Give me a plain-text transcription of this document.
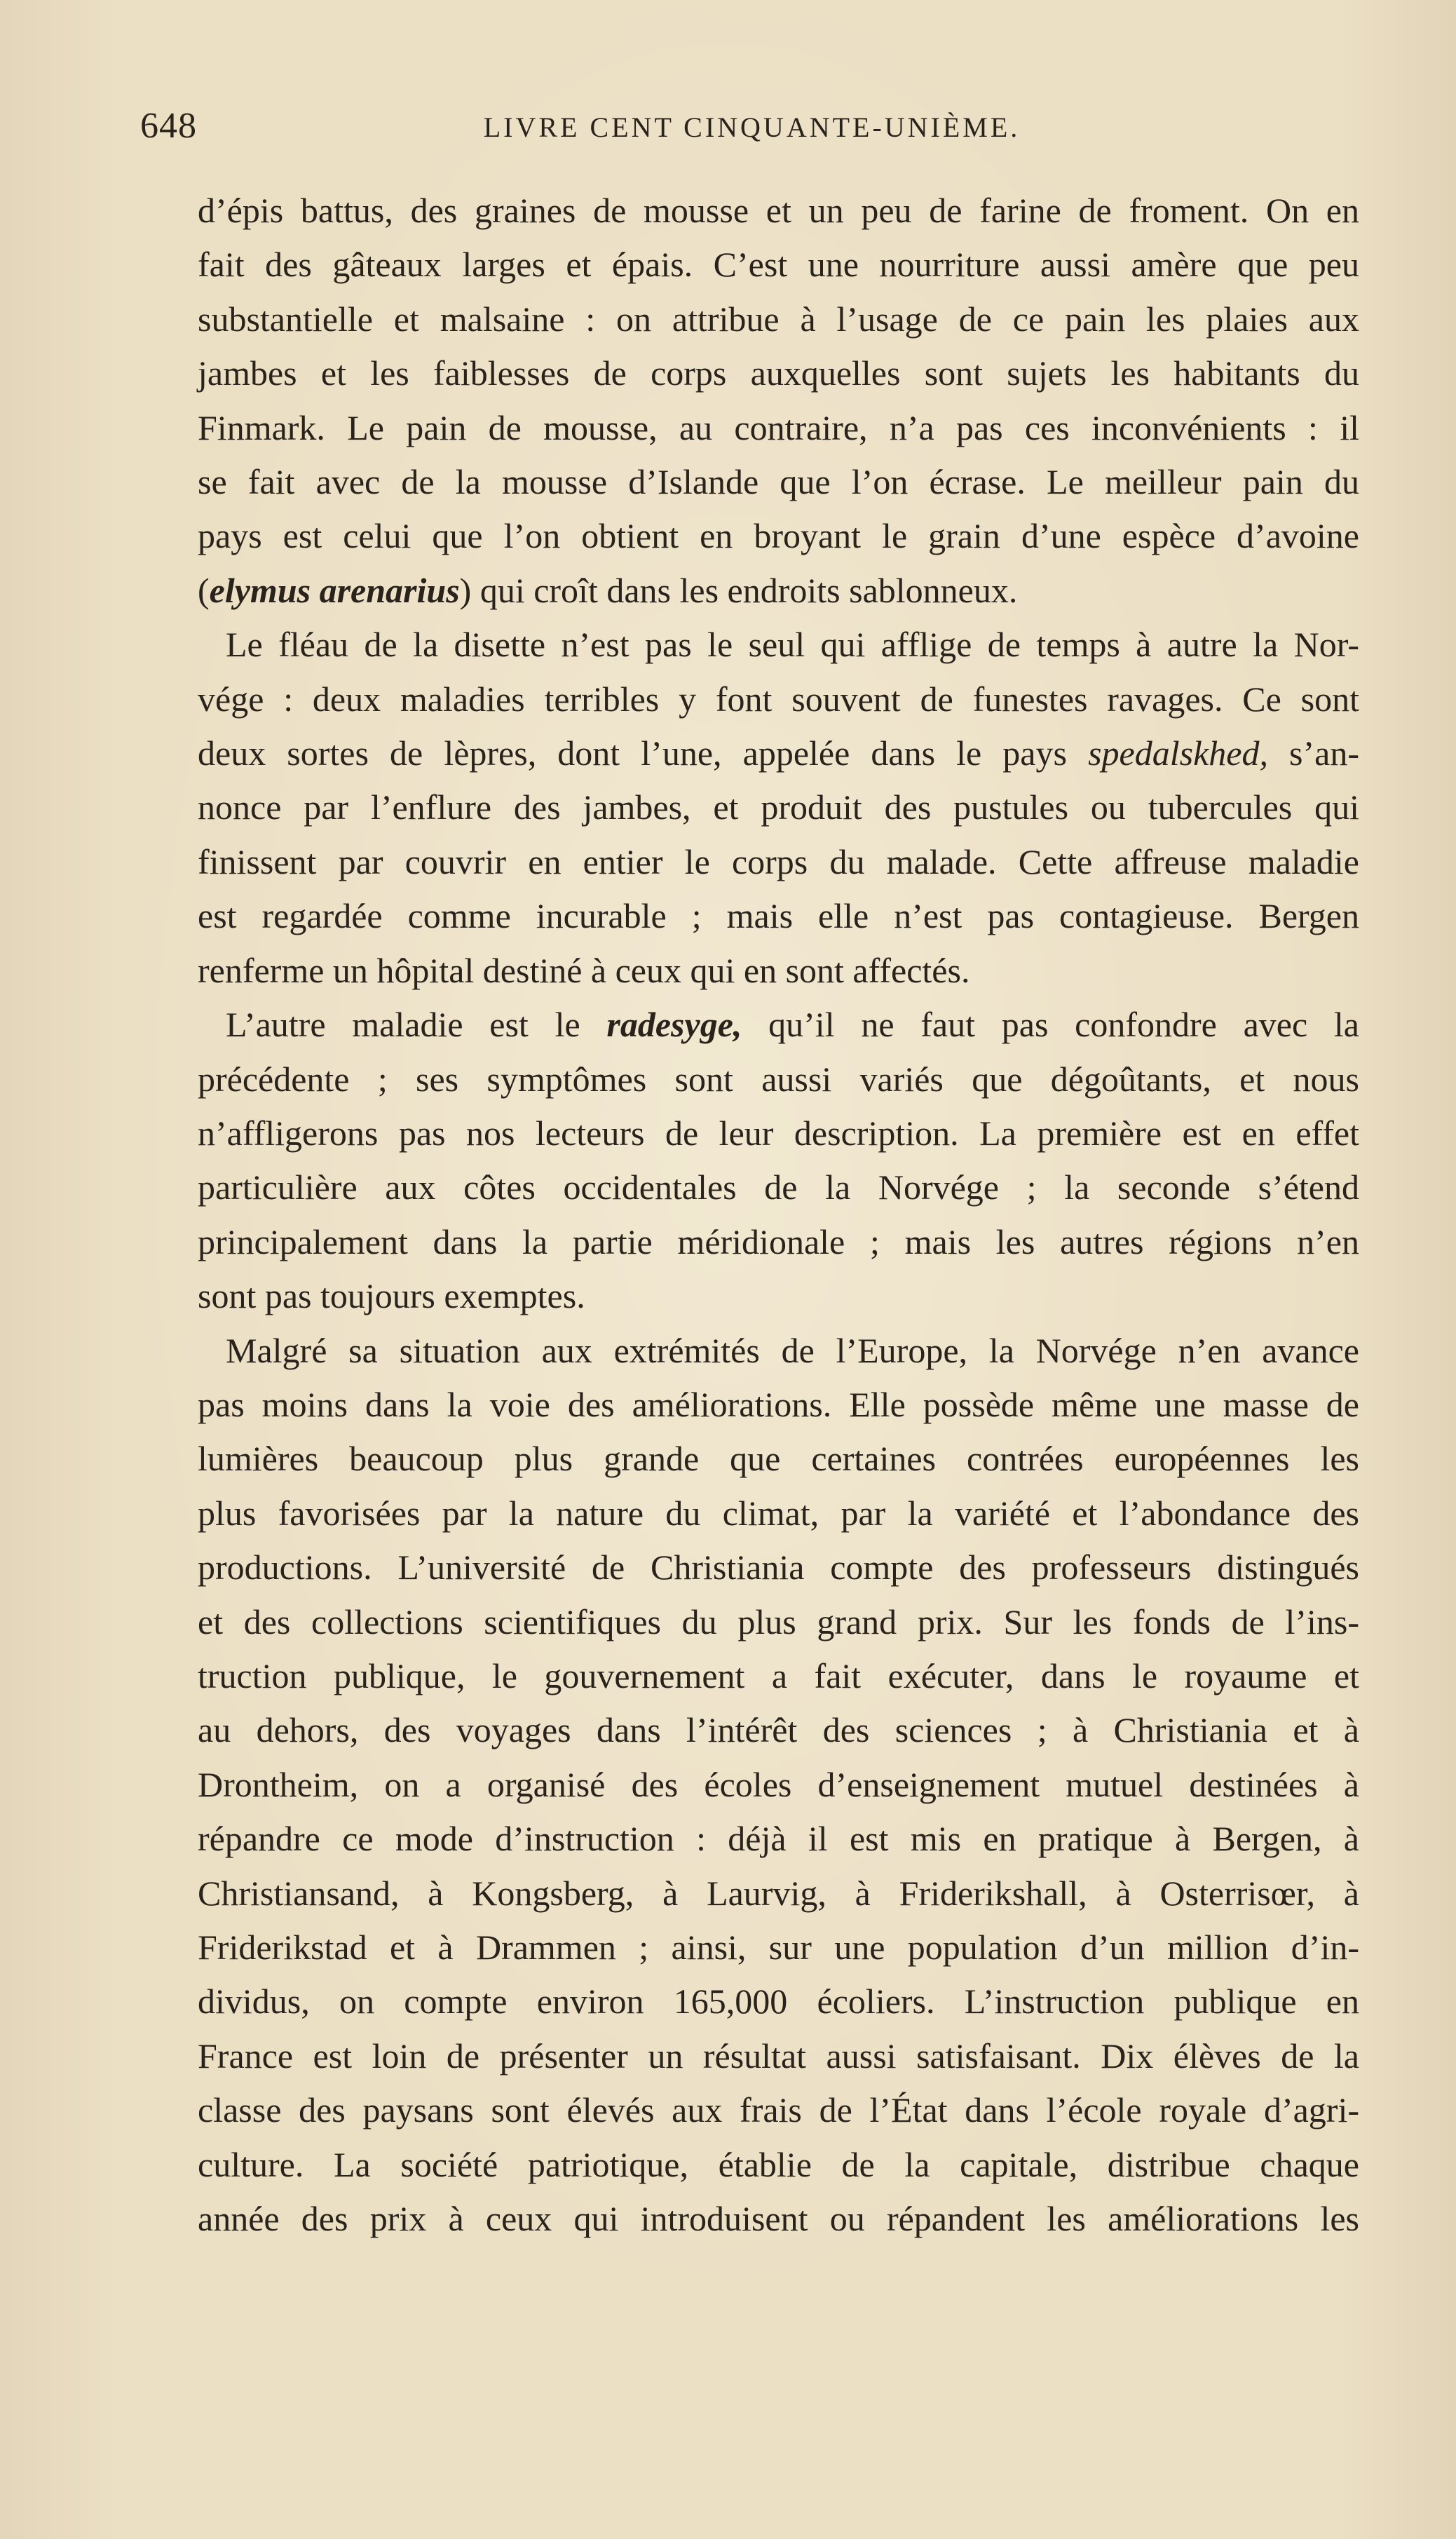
648	LIVRE CENT CINQUANTE-UNIÈME.
d’épis battus, des graines de mousse et un peu de farine de froment. On en
fait des gâteaux larges et épais. C’est une nourriture aussi amère que peu
substantielle et malsaine : on attribue à l’usage de ce pain les plaies aux
jambes et les faiblesses de corps auxquelles sont sujets les habitants du
Finmark. Le pain de mousse, au contraire, n’a pas ces inconvénients : il
se fait avec de la mousse d’Islande que l’on écrase. Le meilleur pain du
pays est celui que l’on obtient en broyant le grain d’une espèce d’avoine
(elymus arenarius) qui croît dans les endroits sablonneux.
Le fléau de la disette n’est pas le seul qui afflige de temps à autre la Nor-
vége : deux maladies terribles y font souvent de funestes ravages. Ce sont
deux sortes de lèpres, dont l’une, appelée dans le pays spedalskhed, s’an-
nonce par l’enflure des jambes, et produit des pustules ou tubercules qui
finissent par couvrir en entier le corps du malade. Cette affreuse maladie
est regardée comme incurable ; mais elle n’est pas contagieuse. Bergen
renferme un hôpital destiné à ceux qui en sont affectés.
L’autre maladie est le radesyge, qu’il ne faut pas confondre avec la
précédente ; ses symptômes sont aussi variés que dégoûtants, et nous
n’affligerons pas nos lecteurs de leur description. La première est en effet
particulière aux côtes occidentales de la Norvége ; la seconde s’étend
principalement dans la partie méridionale ; mais les autres régions n’en
sont pas toujours exemptes.
Malgré sa situation aux extrémités de l’Europe, la Norvége n’en avance
pas moins dans la voie des améliorations. Elle possède même une masse de
lumières beaucoup plus grande que certaines contrées européennes les
plus favorisées par la nature du climat, par la variété et l’abondance des
productions. L’université de Christiania compte des professeurs distingués
et des collections scientifiques du plus grand prix. Sur les fonds de l’ins-
truction publique, le gouvernement a fait exécuter, dans le royaume et
au dehors, des voyages dans l’intérêt des sciences ; à Christiania et à
Drontheim, on a organisé des écoles d’enseignement mutuel destinées à
répandre ce mode d’instruction : déjà il est mis en pratique à Bergen, à
Christiansand, à Kongsberg, à Laurvig, à Friderikshall, à Osterrisœr, à
Friderikstad et à Drammen ; ainsi, sur une population d’un million d’in-
dividus, on compte environ 165,000 écoliers. L’instruction publique en
France est loin de présenter un résultat aussi satisfaisant. Dix élèves de la
classe des paysans sont élevés aux frais de l’État dans l’école royale d’agri-
culture. La société patriotique, établie de la capitale, distribue chaque
année des prix à ceux qui introduisent ou répandent les améliorations les
